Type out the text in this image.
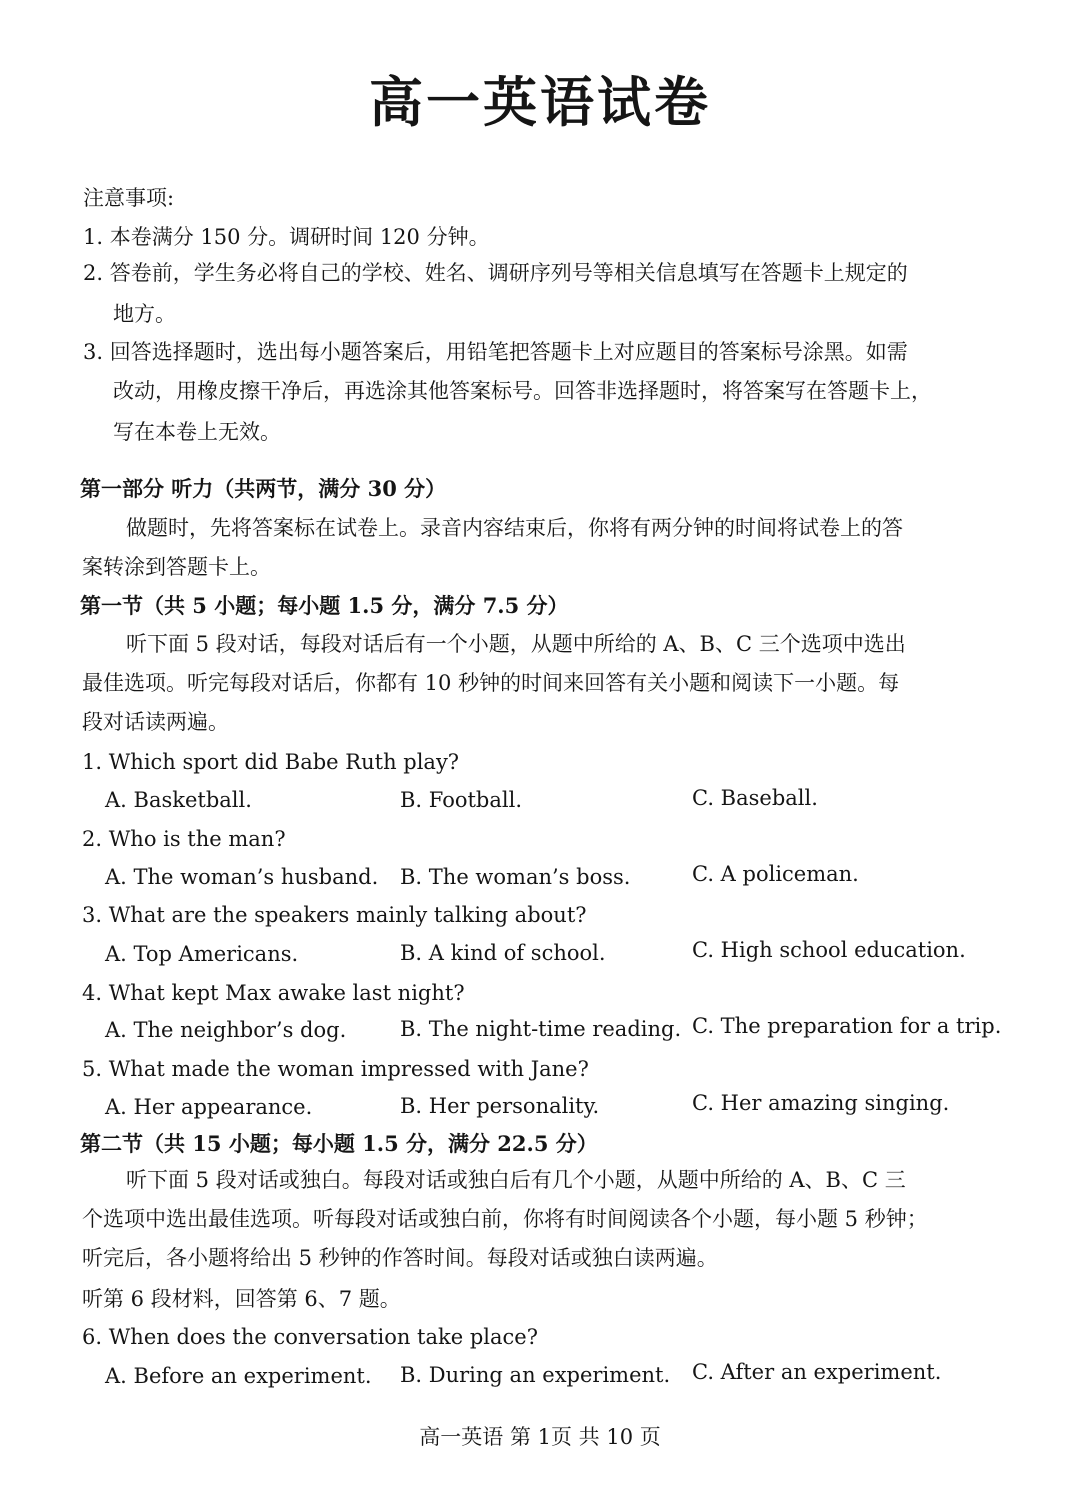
高一英语试卷
注意事项:
1. 本卷满分 150 分。调研时间 120 分钟。
2. 答卷前，学生务必将自己的学校、姓名、调研序列号等相关信息填写在答题卡上规定的
地方。
3. 回答选择题时，选出每小题答案后，用铅笔把答题卡上对应题目的答案标号涂黑。如需
改动，用橡皮擦干净后，再选涂其他答案标号。回答非选择题时，将答案写在答题卡上，
写在本卷上无效。
第一部分 听力（共两节，满分 30 分）
做题时，先将答案标在试卷上。录音内容结束后，你将有两分钟的时间将试卷上的答
案转涂到答题卡上。
第一节（共 5 小题；每小题 1.5 分，满分 7.5 分）
听下面 5 段对话，每段对话后有一个小题，从题中所给的 A、B、C 三个选项中选出
最佳选项。听完每段对话后，你都有 10 秒钟的时间来回答有关小题和阅读下一小题。每
段对话读两遍。
1. Which sport did Babe Ruth play?
A. Basketball.	B. Football.	C. Baseball.
2. Who is the man?
A. The woman’s husband. B. The woman’s boss.	C. A policeman.
3. What are the speakers mainly talking about?
A. Top Americans.	B. A kind of school.	C. High school education.
4. What kept Max awake last night?
A. The neighbor’s dog.	B. The night-time reading. C. The preparation for a trip.
5. What made the woman impressed with Jane?
A. Her appearance.	B. Her personality.	C. Her amazing singing.
第二节（共 15 小题；每小题 1.5 分，满分 22.5 分）
听下面 5 段对话或独白。每段对话或独白后有几个小题，从题中所给的 A、B、C 三
个选项中选出最佳选项。听每段对话或独白前，你将有时间阅读各个小题，每小题 5 秒钟；
听完后，各小题将给出 5 秒钟的作答时间。每段对话或独白读两遍。
听第 6 段材料，回答第 6、7 题。
6. When does the conversation take place?
A. Before an experiment. B. During an experiment. C. After an experiment.
高一英语 第 1页 共 10 页
